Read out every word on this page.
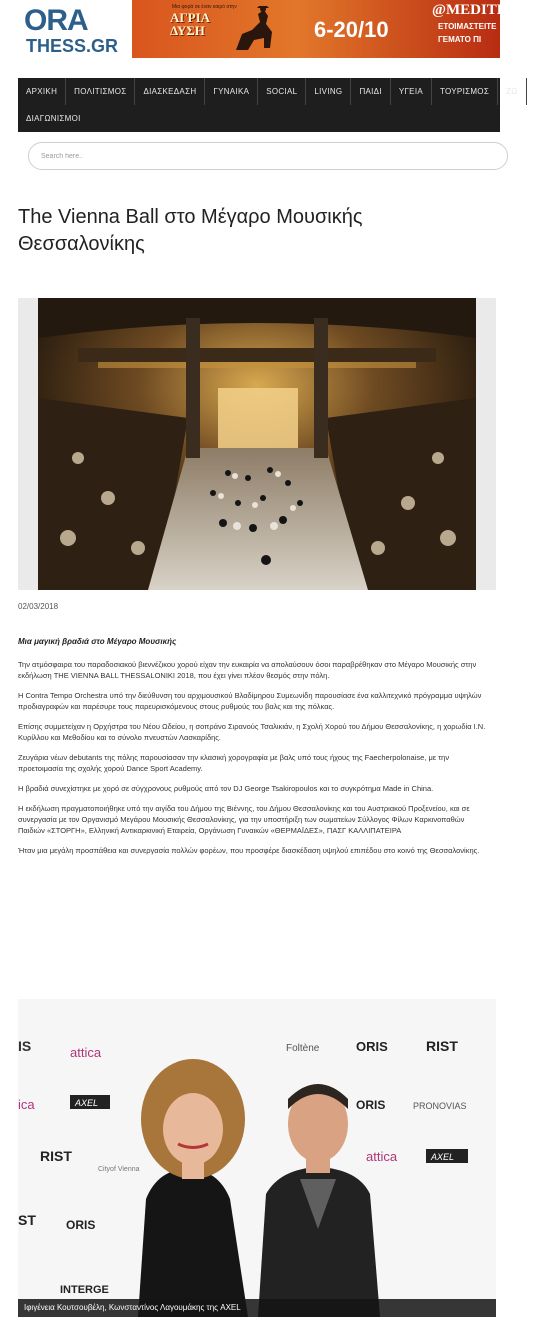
ORA
THESS.GR
Μια φορά σε έναν καιρό στην
ΑΓΡΙΑ
ΔΥΣΗ	6-20/10
@MEDITERRAN
ΕΤΟΙΜΑΣΤΕΙΤΕ
ΓΕΜΑΤΟ ΠΙ
ΑΡΧΙΚΗ	ΠΟΛΙΤΙΣΜΟΣ	ΔΙΑΣΚΕΔΑΣΗ	ΓΥΝΑΙΚΑ	SOCIAL	LIVING	ΠΑΙΔΙ	ΥΓΕΙΑ	ΤΟΥΡΙΣΜΟΣ	ΖΩ
ΔΙΑΓΩΝΙΣΜΟΙ
Search here..
The Vienna Ball στο Μέγαρο Μουσικής Θεσσαλονίκης
02/03/2018
Μια μαγική βραδιά στο Μέγαρο Μουσικής

Την ατμόσφαιρα του παραδοσιακού βιεννέζικου χορού είχαν την ευκαιρία να απολαύσουν όσοι παραβρέθηκαν στο Μέγαρο Μουσικής στην εκδήλωση THE VIENNA BALL THESSALONIKI 2018, που έχει γίνει πλέον θεσμός στην πόλη.

Η Contra Tempo Orchestra υπό την διεύθυνση του αρχιμουσικού Βλαδίμηρου Συμεωνίδη παρουσίασε ένα καλλιτεχνικό πρόγραμμα υψηλών προδιαγραφών και παρέσυρε τους παρευρισκόμενους στους ρυθμούς του βαλς και της πόλκας.

Επίσης συμμετείχαν η Ορχήστρα του Νέου Ωδείου, η σοπράνο Σιρανούς Τσαλικιάν, η Σχολή Χορού του Δήμου Θεσσαλονίκης, η χορωδία Ι.Ν. Κυρίλλου και Μεθοδίου και το σύνολο πνευστών Λασκαρίδης.

Ζευγάρια νέων debutants της πόλης παρουσίασαν την κλασική χορογραφία με βαλς υπό τους ήχους της Faecherpolonaise, με την προετοιμασία της σχολής χορού Dance Sport Academy.

Η βραδιά συνεχίστηκε με χορό σε σύγχρονους ρυθμούς από τον DJ George Tsakiropoulos και το συγκρότημα Made in China.

Η εκδήλωση πραγματοποιήθηκε υπό την αιγίδα του Δήμου της Βιέννης, του Δήμου Θεσσαλονίκης και του Αυστριακού Προξενείου, και σε συνεργασία με τον Οργανισμό Μεγάρου Μουσικής Θεσσαλονίκης, για την υποστήριξη των σωματείων Σύλλογος Φίλων Καρκινοπαθών Παιδιών «ΣΤΟΡΓΗ», Ελληνική Αντικαρκινική Εταιρεία, Οργάνωση Γυναικών «ΘΕΡΜΑΪΔΕΣ», ΠΑΣΓ ΚΑΛΛΙΠΑΤΕΙΡΑ

Ήταν μια μεγάλη προσπάθεια και συνεργασία πολλών φορέων, που προσφέρε διασκέδαση υψηλού επιπέδου στο κοινό της Θεσσαλονίκης.

IS	attica	Foltène	ORIS	RIST
ica	AXEL	ORIS	PRONOVIAS
RIST
Cityof Vienna
attica	AXEL
ST	ORIS
INTERGE
Ιφιγένεια Κουτσουβέλη, Κωνσταντίνος Λαγουμάκης της AXEL
